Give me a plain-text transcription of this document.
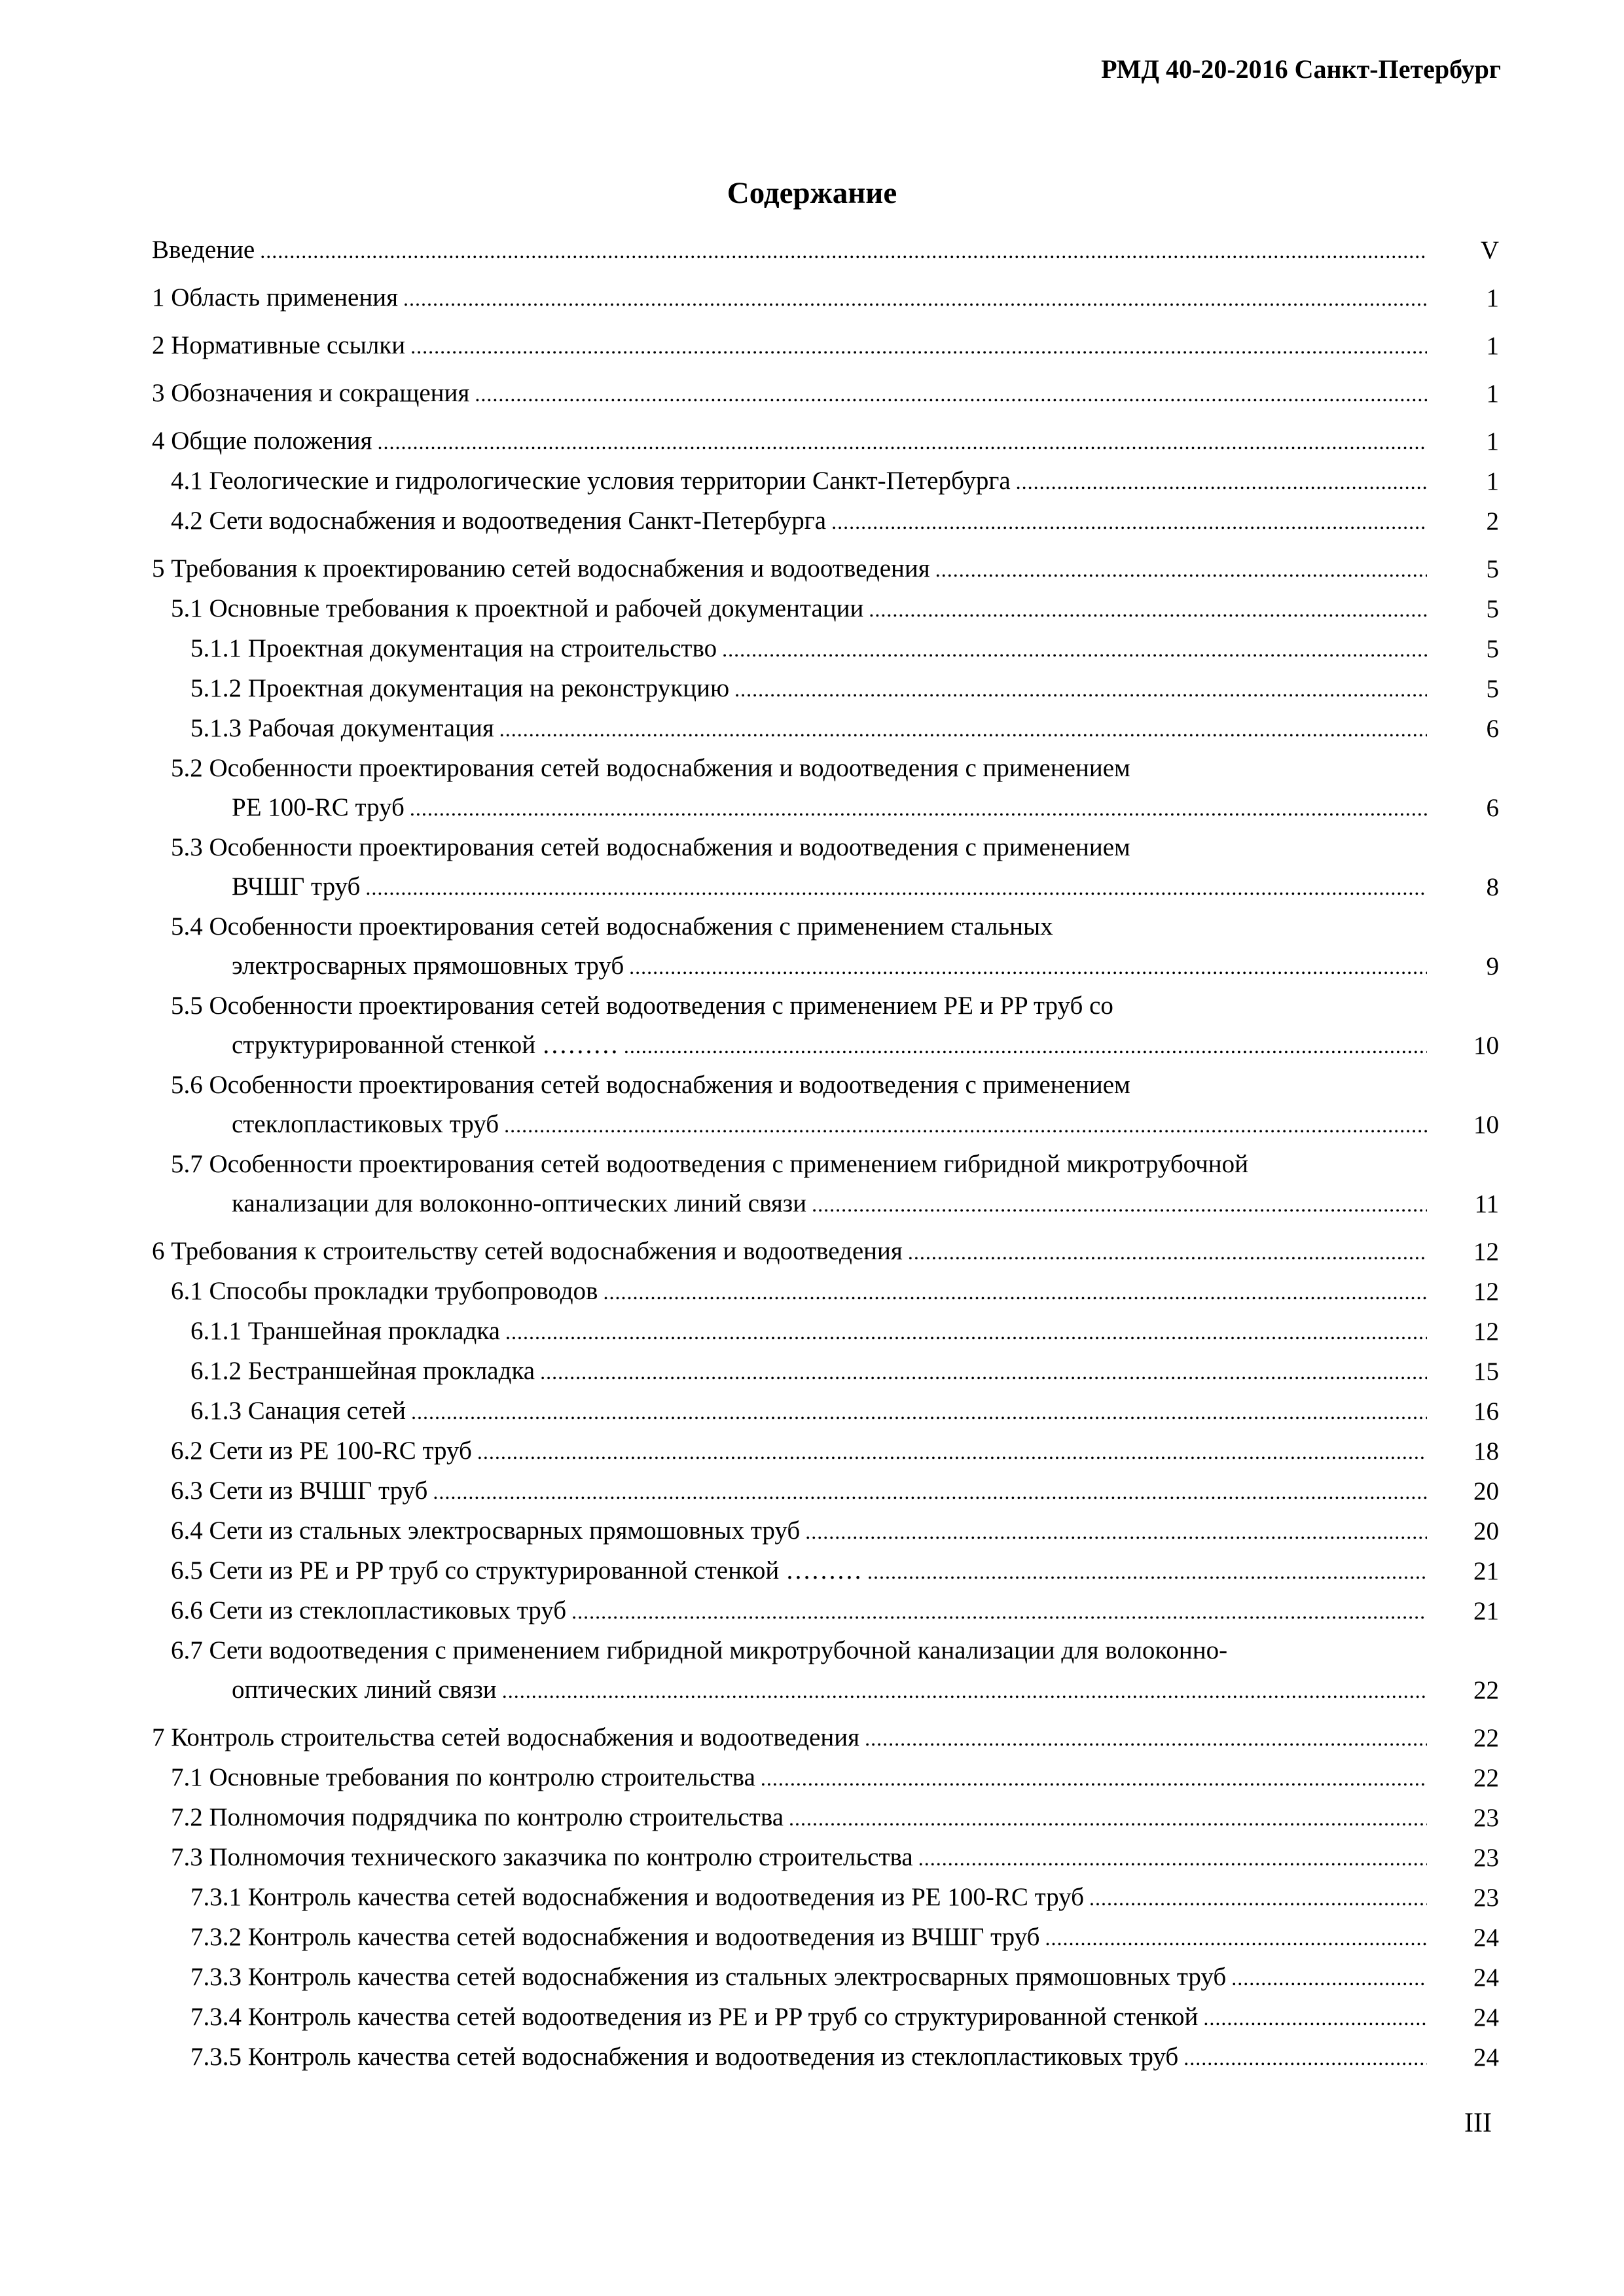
РМД 40-20-2016 Санкт-Петербург
Содержание
Введение .....	V
1 Область применения .....	1
2 Нормативные ссылки .....	1
3 Обозначения и сокращения .....	1
4 Общие положения .....	1
4.1 Геологические и гидрологические условия территории Санкт-Петербурга .....	1
4.2 Сети водоснабжения и водоотведения Санкт-Петербурга .....	2
5 Требования к проектированию сетей водоснабжения и водоотведения .....	5
5.1 Основные требования к проектной и рабочей документации .....	5
5.1.1 Проектная документация на строительство .....	5
5.1.2 Проектная документация на реконструкцию .....	5
5.1.3 Рабочая документация .....	6
5.2 Особенности проектирования сетей водоснабжения и водоотведения с применением
PE 100-RC труб .....	6
5.3 Особенности проектирования сетей водоснабжения и водоотведения с применением
ВЧШГ труб .....	8
5.4 Особенности проектирования сетей водоснабжения с применением стальных
электросварных прямошовных труб .....	9
5.5 Особенности проектирования сетей водоотведения с применением PE и PP труб со
структурированной стенкой ……… .....	10
5.6 Особенности проектирования сетей водоснабжения и водоотведения с применением
стеклопластиковых труб .....	10
5.7 Особенности проектирования сетей водоотведения с применением гибридной микротрубочной
канализации для волоконно-оптических линий связи .....	11
6 Требования к строительству сетей водоснабжения и водоотведения .....	12
6.1 Способы прокладки трубопроводов .....	12
6.1.1 Траншейная прокладка .....	12
6.1.2 Бестраншейная прокладка .....	15
6.1.3 Санация сетей .....	16
6.2 Сети из PE 100-RC труб .....	18
6.3 Сети из ВЧШГ труб .....	20
6.4 Сети из стальных электросварных прямошовных труб .....	20
6.5 Сети из PE и PP труб со структурированной стенкой ……… .....	21
6.6 Сети из стеклопластиковых труб .....	21
6.7 Сети водоотведения с применением гибридной микротрубочной канализации для волоконно-
оптических линий связи .....	22
7 Контроль строительства сетей водоснабжения и водоотведения .....	22
7.1 Основные требования по контролю строительства .....	22
7.2 Полномочия подрядчика по контролю строительства .....	23
7.3 Полномочия технического заказчика по контролю строительства .....	23
7.3.1 Контроль качества сетей водоснабжения и водоотведения из PE 100-RC труб .....	23
7.3.2 Контроль качества сетей водоснабжения и водоотведения из ВЧШГ труб .....	24
7.3.3 Контроль качества сетей водоснабжения из стальных электросварных прямошовных труб .....	24
7.3.4 Контроль качества сетей водоотведения из PE и PP труб со структурированной стенкой .....	24
7.3.5 Контроль качества сетей водоснабжения и водоотведения из стеклопластиковых труб .....	24
III
